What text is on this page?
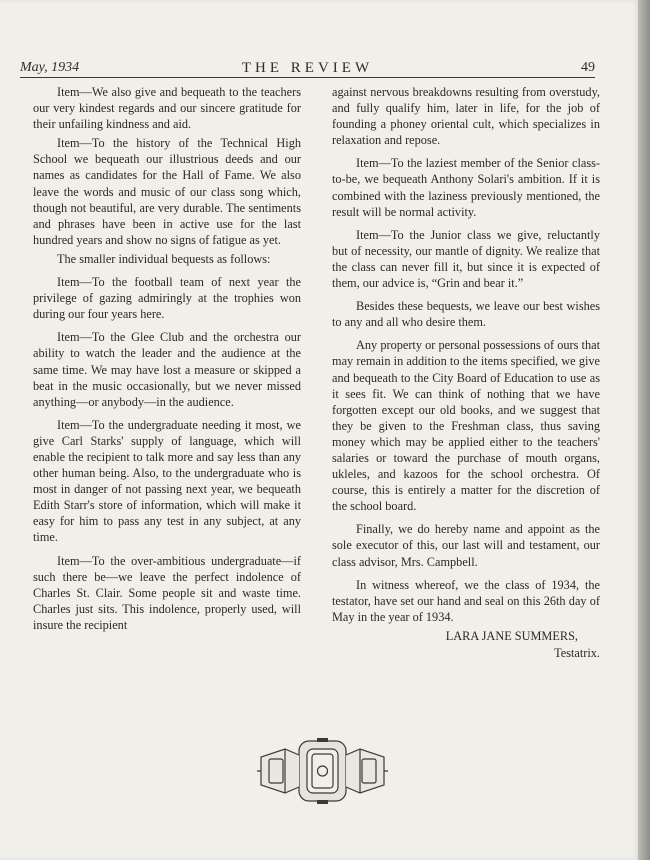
May, 1934	THE REVIEW	49

Item—We also give and bequeath to the teachers our very kindest regards and our sincere gratitude for their unfailing kindness and aid.

Item—To the history of the Technical High School we bequeath our illustrious deeds and our names as candidates for the Hall of Fame. We also leave the words and music of our class song which, though not beautiful, are very durable. The sentiments and phrases have been in active use for the last hundred years and show no signs of fatigue as yet.

The smaller individual bequests as follows:

Item—To the football team of next year the privilege of gazing admiringly at the trophies won during our four years here.

Item—To the Glee Club and the orchestra our ability to watch the leader and the audience at the same time. We may have lost a measure or skipped a beat in the music occasionally, but we never missed anything—or anybody—in the audience.

Item—To the undergraduate needing it most, we give Carl Starks' supply of language, which will enable the recipient to talk more and say less than any other human being. Also, to the undergraduate who is most in danger of not passing next year, we bequeath Edith Starr's store of information, which will make it easy for him to pass any test in any subject, at any time.

Item—To the over-ambitious undergraduate—if such there be—we leave the perfect indolence of Charles St. Clair. Some people sit and waste time. Charles just sits. This indolence, properly used, will insure the recipient

against nervous breakdowns resulting from overstudy, and fully qualify him, later in life, for the job of founding a phoney oriental cult, which specializes in relaxation and repose.

Item—To the laziest member of the Senior class-to-be, we bequeath Anthony Solari's ambition. If it is combined with the laziness previously mentioned, the result will be normal activity.

Item—To the Junior class we give, reluctantly but of necessity, our mantle of dignity. We realize that the class can never fill it, but since it is expected of them, our advice is, “Grin and bear it.”

Besides these bequests, we leave our best wishes to any and all who desire them.

Any property or personal possessions of ours that may remain in addition to the items specified, we give and bequeath to the City Board of Education to use as it sees fit. We can think of nothing that we have forgotten except our old books, and we suggest that they be given to the Freshman class, thus saving money which may be applied either to the teachers' salaries or toward the purchase of mouth organs, ukleles, and kazoos for the school orchestra. Of course, this is entirely a matter for the discretion of the school board.

Finally, we do hereby name and appoint as the sole executor of this, our last will and testament, our class advisor, Mrs. Campbell.

In witness whereof, we the class of 1934, the testator, have set our hand and seal on this 26th day of May in the year of 1934.

LARA JANE SUMMERS,
Testatrix.
